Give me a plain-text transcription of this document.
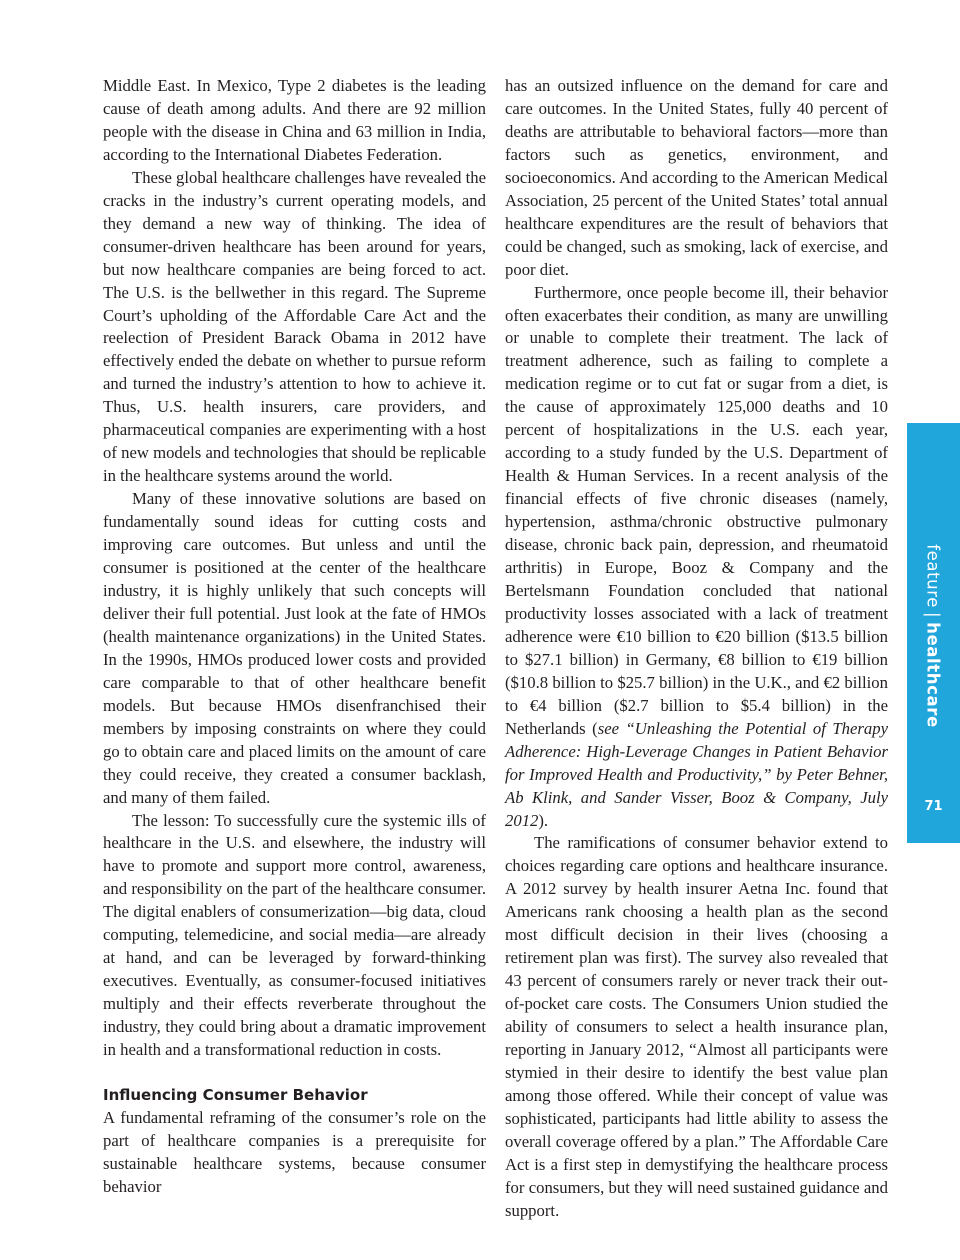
Middle East. In Mexico, Type 2 diabetes is the leading cause of death among adults. And there are 92 million people with the disease in China and 63 million in India, according to the International Diabetes Federation.

These global healthcare challenges have revealed the cracks in the industry’s current operating models, and they demand a new way of thinking. The idea of consumer-driven healthcare has been around for years, but now healthcare companies are being forced to act. The U.S. is the bellwether in this regard. The Supreme Court’s upholding of the Affordable Care Act and the reelection of President Barack Obama in 2012 have effectively ended the debate on whether to pursue reform and turned the industry’s attention to how to achieve it. Thus, U.S. health insurers, care providers, and pharmaceutical companies are experimenting with a host of new models and technologies that should be replicable in the healthcare systems around the world.

Many of these innovative solutions are based on fundamentally sound ideas for cutting costs and improving care outcomes. But unless and until the consumer is positioned at the center of the healthcare industry, it is highly unlikely that such concepts will deliver their full potential. Just look at the fate of HMOs (health maintenance organizations) in the United States. In the 1990s, HMOs produced lower costs and provided care comparable to that of other healthcare benefit models. But because HMOs disenfranchised their members by imposing constraints on where they could go to obtain care and placed limits on the amount of care they could receive, they created a consumer backlash, and many of them failed.

The lesson: To successfully cure the systemic ills of healthcare in the U.S. and elsewhere, the industry will have to promote and support more control, awareness, and responsibility on the part of the healthcare consumer. The digital enablers of consumerization—big data, cloud computing, telemedicine, and social media—are already at hand, and can be leveraged by forward-thinking executives. Eventually, as consumer-focused initiatives multiply and their effects reverberate throughout the industry, they could bring about a dramatic improvement in health and a transformational reduction in costs.

Influencing Consumer Behavior

A fundamental reframing of the consumer’s role on the part of healthcare companies is a prerequisite for sustainable healthcare systems, because consumer behavior

has an outsized influence on the demand for care and care outcomes. In the United States, fully 40 percent of deaths are attributable to behavioral factors—more than factors such as genetics, environment, and socioeconomics. And according to the American Medical Association, 25 percent of the United States’ total annual healthcare expenditures are the result of behaviors that could be changed, such as smoking, lack of exercise, and poor diet.

Furthermore, once people become ill, their behavior often exacerbates their condition, as many are unwilling or unable to complete their treatment. The lack of treatment adherence, such as failing to complete a medication regime or to cut fat or sugar from a diet, is the cause of approximately 125,000 deaths and 10 percent of hospitalizations in the U.S. each year, according to a study funded by the U.S. Department of Health & Human Services. In a recent analysis of the financial effects of five chronic diseases (namely, hypertension, asthma/chronic obstructive pulmonary disease, chronic back pain, depression, and rheumatoid arthritis) in Europe, Booz & Company and the Bertelsmann Foundation concluded that national productivity losses associated with a lack of treatment adherence were €10 billion to €20 billion ($13.5 billion to $27.1 billion) in Germany, €8 billion to €19 billion ($10.8 billion to $25.7 billion) in the U.K., and €2 billion to €4 billion ($2.7 billion to $5.4 billion) in the Netherlands (see “Unleashing the Potential of Therapy Adherence: High-Leverage Changes in Patient Behavior for Improved Health and Productivity,” by Peter Behner, Ab Klink, and Sander Visser, Booz & Company, July 2012).

The ramifications of consumer behavior extend to choices regarding care options and healthcare insurance. A 2012 survey by health insurer Aetna Inc. found that Americans rank choosing a health plan as the second most difficult decision in their lives (choosing a retirement plan was first). The survey also revealed that 43 percent of consumers rarely or never track their out-of-pocket care costs. The Consumers Union studied the ability of consumers to select a health insurance plan, reporting in January 2012, “Almost all participants were stymied in their desire to identify the best value plan among those offered. While their concept of value was sophisticated, participants had little ability to assess the overall coverage offered by a plan.” The Affordable Care Act is a first step in demystifying the healthcare process for consumers, but they will need sustained guidance and support.

feature|healthcare
71
